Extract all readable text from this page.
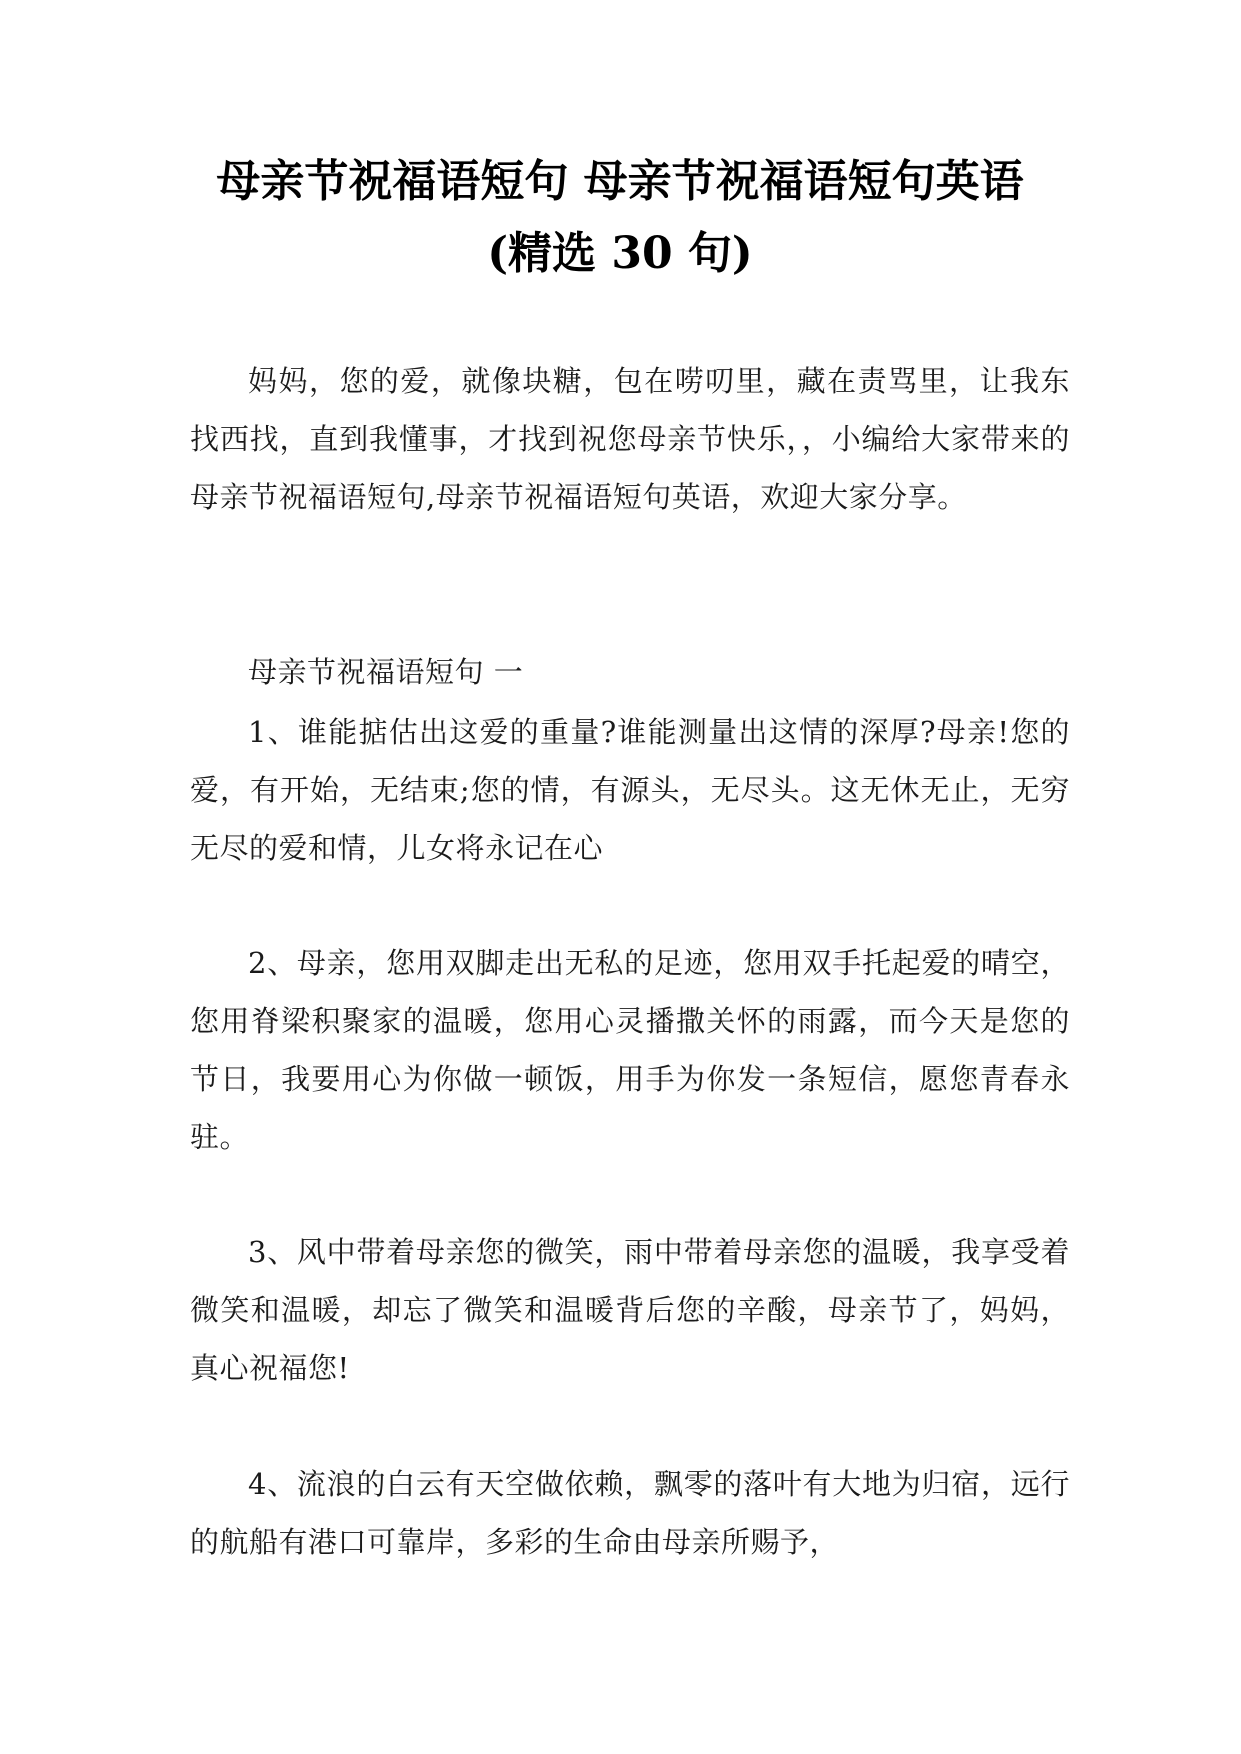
母亲节祝福语短句 母亲节祝福语短句英语
(精选 30 句)

妈妈，您的爱，就像块糖，包在唠叨里，藏在责骂里，让我东找西找，直到我懂事，才找到祝您母亲节快乐，，小编给大家带来的母亲节祝福语短句,母亲节祝福语短句英语，欢迎大家分享。

母亲节祝福语短句 一

1、谁能掂估出这爱的重量?谁能测量出这情的深厚?母亲!您的爱，有开始，无结束;您的情，有源头，无尽头。这无休无止，无穷无尽的爱和情，儿女将永记在心

2、母亲，您用双脚走出无私的足迹，您用双手托起爱的晴空，您用脊梁积聚家的温暖，您用心灵播撒关怀的雨露，而今天是您的节日，我要用心为你做一顿饭，用手为你发一条短信，愿您青春永驻。

3、风中带着母亲您的微笑，雨中带着母亲您的温暖，我享受着微笑和温暖，却忘了微笑和温暖背后您的辛酸，母亲节了，妈妈，真心祝福您!

4、流浪的白云有天空做依赖，飘零的落叶有大地为归宿，远行的航船有港口可靠岸，多彩的生命由母亲所赐予，
